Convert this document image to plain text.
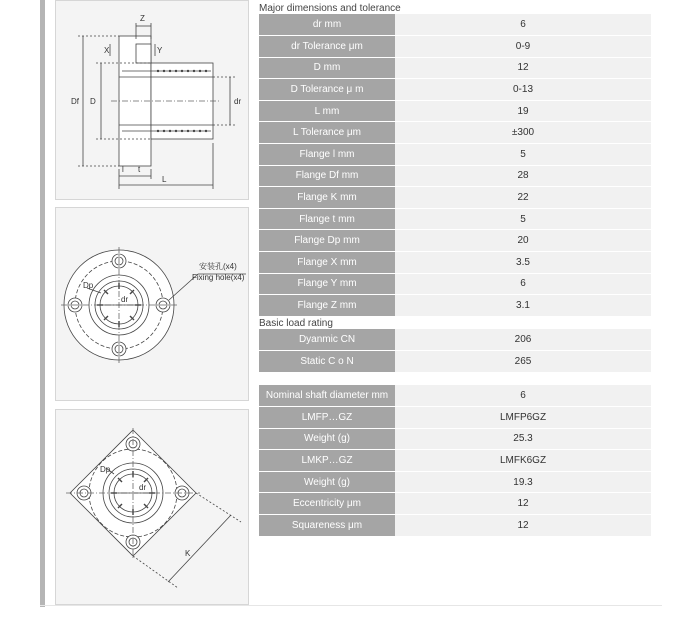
Z
X	Y
Df D	dr
l t
L
安装孔(x4)
Fixing hole(x4)
Dp
dr
Dp
dr
K
Major dimensions and tolerance
dr mm	6
dr Tolerance μm	0-9
D mm	12
D Tolerance μ m	0-13
L mm	19
L Tolerance μm	±300
Flange l mm	5
Flange Df mm	28
Flange K mm	22
Flange t mm	5
Flange Dp mm	20
Flange X mm	3.5
Flange Y mm	6
Flange Z mm	3.1
Basic load rating
Dyanmic CN	206
Static C o N	265
Nominal shaft diameter mm	6
LMFP…GZ	LMFP6GZ
Weight (g)	25.3
LMKP…GZ	LMFK6GZ
Weight (g)	19.3
Eccentricity μm	12
Squareness μm	12
